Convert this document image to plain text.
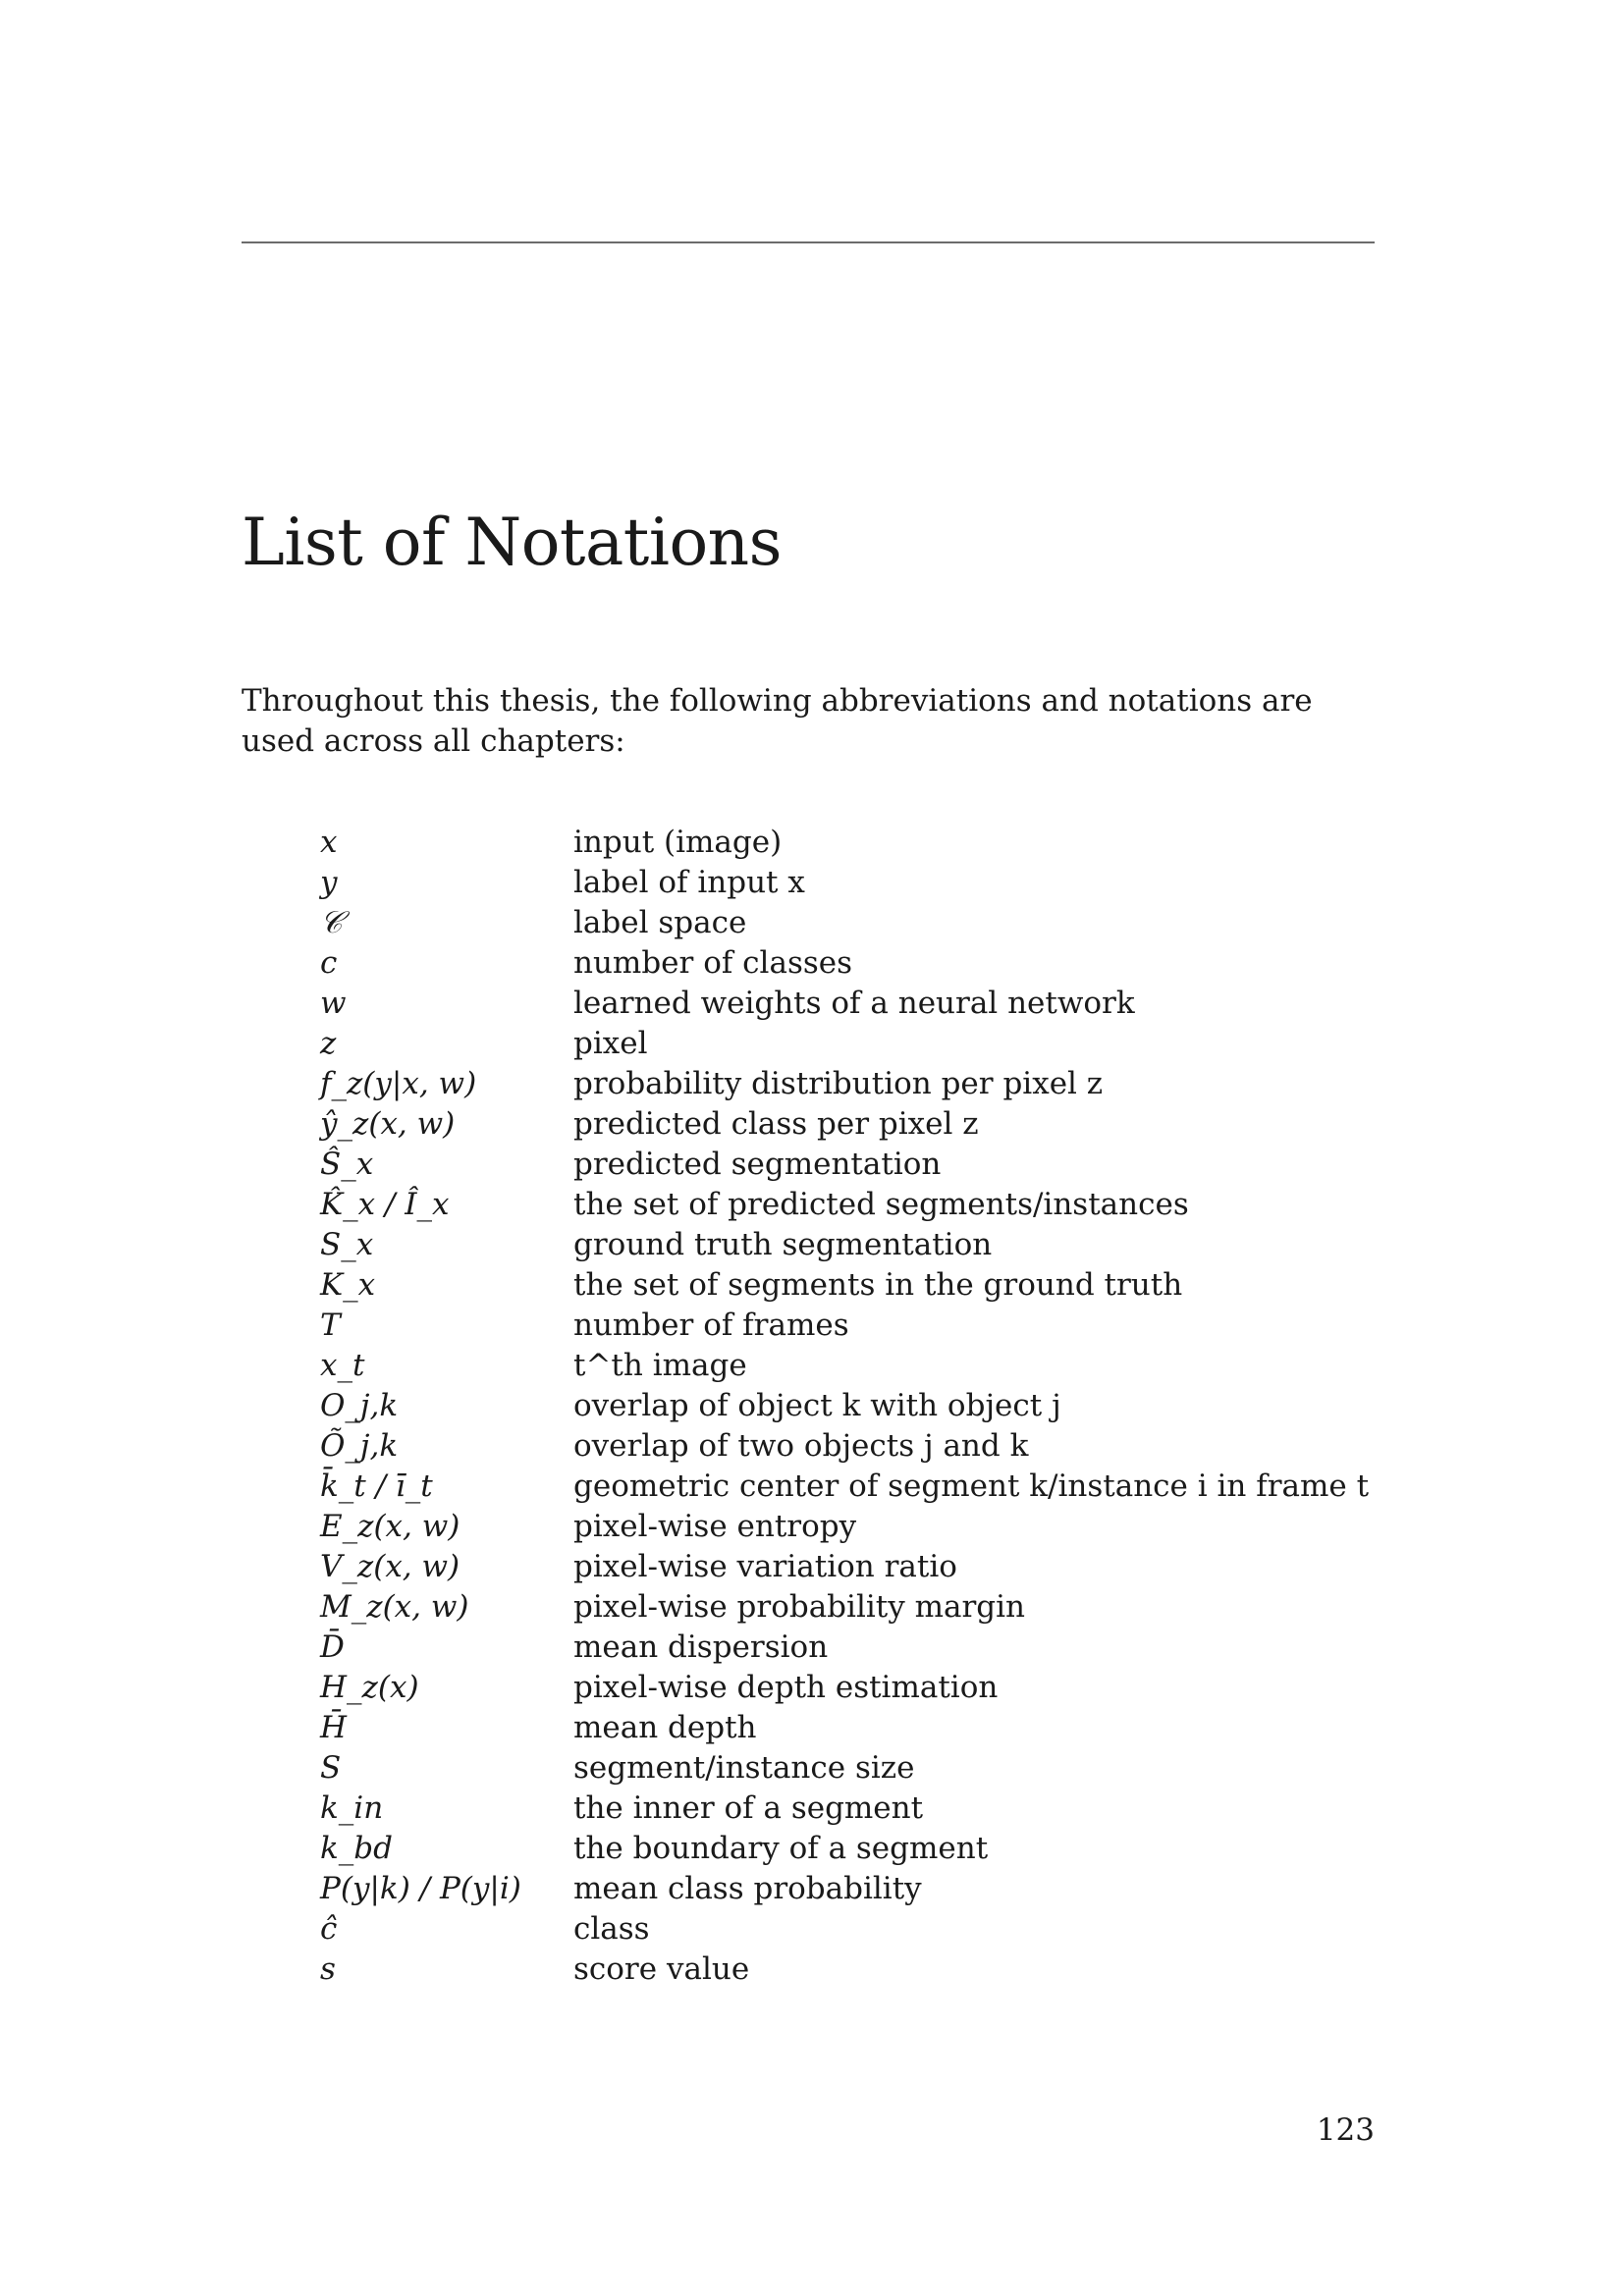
List of Notations

Throughout this thesis, the following abbreviations and notations are used across all chapters:

x	input (image)
y	label of input x
𝒞	label space
c	number of classes
w	learned weights of a neural network
z	pixel
f_z(y|x, w)	probability distribution per pixel z
ŷ_z(x, w)	predicted class per pixel z
Ŝ_x	predicted segmentation
K̂_x / Î_x	the set of predicted segments/instances
S_x	ground truth segmentation
K_x	the set of segments in the ground truth
T	number of frames
x_t	t^th image
O_j,k	overlap of object k with object j
Õ_j,k	overlap of two objects j and k
k̄_t / ī_t	geometric center of segment k/instance i in frame t
E_z(x, w)	pixel-wise entropy
V_z(x, w)	pixel-wise variation ratio
M_z(x, w)	pixel-wise probability margin
D̄	mean dispersion
H_z(x)	pixel-wise depth estimation
H̄	mean depth
S	segment/instance size
k_in	the inner of a segment
k_bd	the boundary of a segment
P(y|k) / P(y|i)	mean class probability
ĉ	class
s	score value
123
